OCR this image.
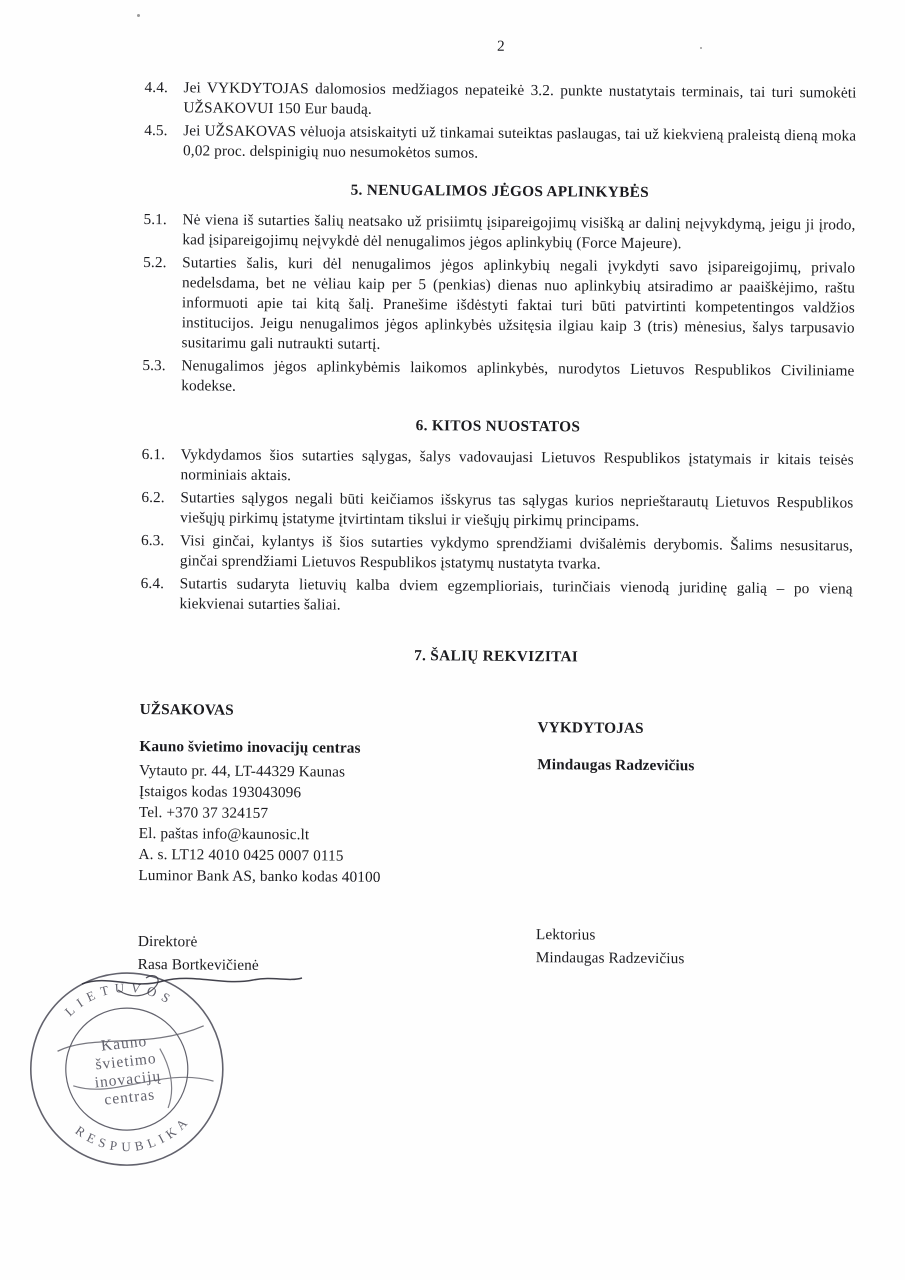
2
4.4. Jei VYKDYTOJAS dalomosios medžiagos nepateikė 3.2. punkte nustatytais terminais, tai turi sumokėti UŽSAKOVUI 150 Eur baudą.
4.5. Jei UŽSAKOVAS vėluoja atsiskaityti už tinkamai suteiktas paslaugas, tai už kiekvieną praleistą dieną moka 0,02 proc. delspinigių nuo nesumokėtos sumos.
5. NENUGALIMOS JĖGOS APLINKYBĖS
5.1. Nė viena iš sutarties šalių neatsako už prisiimtų įsipareigojimų visišką ar dalinį neįvykdymą, jeigu ji įrodo, kad įsipareigojimų neįvykdė dėl nenugalimos jėgos aplinkybių (Force Majeure).
5.2. Sutarties šalis, kuri dėl nenugalimos jėgos aplinkybių negali įvykdyti savo įsipareigojimų, privalo nedelsdama, bet ne vėliau kaip per 5 (penkias) dienas nuo aplinkybių atsiradimo ar paaiškėjimo, raštu informuoti apie tai kitą šalį. Pranešime išdėstyti faktai turi būti patvirtinti kompetentingos valdžios institucijos. Jeigu nenugalimos jėgos aplinkybės užsitęsia ilgiau kaip 3 (tris) mėnesius, šalys tarpusavio susitarimu gali nutraukti sutartį.
5.3. Nenugalimos jėgos aplinkybėmis laikomos aplinkybės, nurodytos Lietuvos Respublikos Civiliniame kodekse.
6. KITOS NUOSTATOS
6.1. Vykdydamos šios sutarties sąlygas, šalys vadovaujasi Lietuvos Respublikos įstatymais ir kitais teisės norminiais aktais.
6.2. Sutarties sąlygos negali būti keičiamos išskyrus tas sąlygas kurios neprieštarautų Lietuvos Respublikos viešųjų pirkimų įstatyme įtvirtintam tikslui ir viešųjų pirkimų principams.
6.3. Visi ginčai, kylantys iš šios sutarties vykdymo sprendžiami dvišalėmis derybomis. Šalims nesusitarus, ginčai sprendžiami Lietuvos Respublikos įstatymų nustatyta tvarka.
6.4. Sutartis sudaryta lietuvių kalba dviem egzemplioriais, turinčiais vienodą juridinę galią – po vieną kiekvienai sutarties šaliai.
7. ŠALIŲ REKVIZITAI
UŽSAKOVAS
Kauno švietimo inovacijų centras
Vytauto pr. 44, LT-44329 Kaunas
Įstaigos kodas 193043096
Tel. +370 37 324157
El. paštas info@kaunosic.lt
A. s. LT12 4010 0425 0007 0115
Luminor Bank AS, banko kodas 40100
Direktorė
Rasa Bortkevičienė
VYKDYTOJAS
Mindaugas Radzevičius
Lektorius
Mindaugas Radzevičius
LIETUVOS
RESPUBLIKA
Kauno
švietimo
inovacijų
centras
